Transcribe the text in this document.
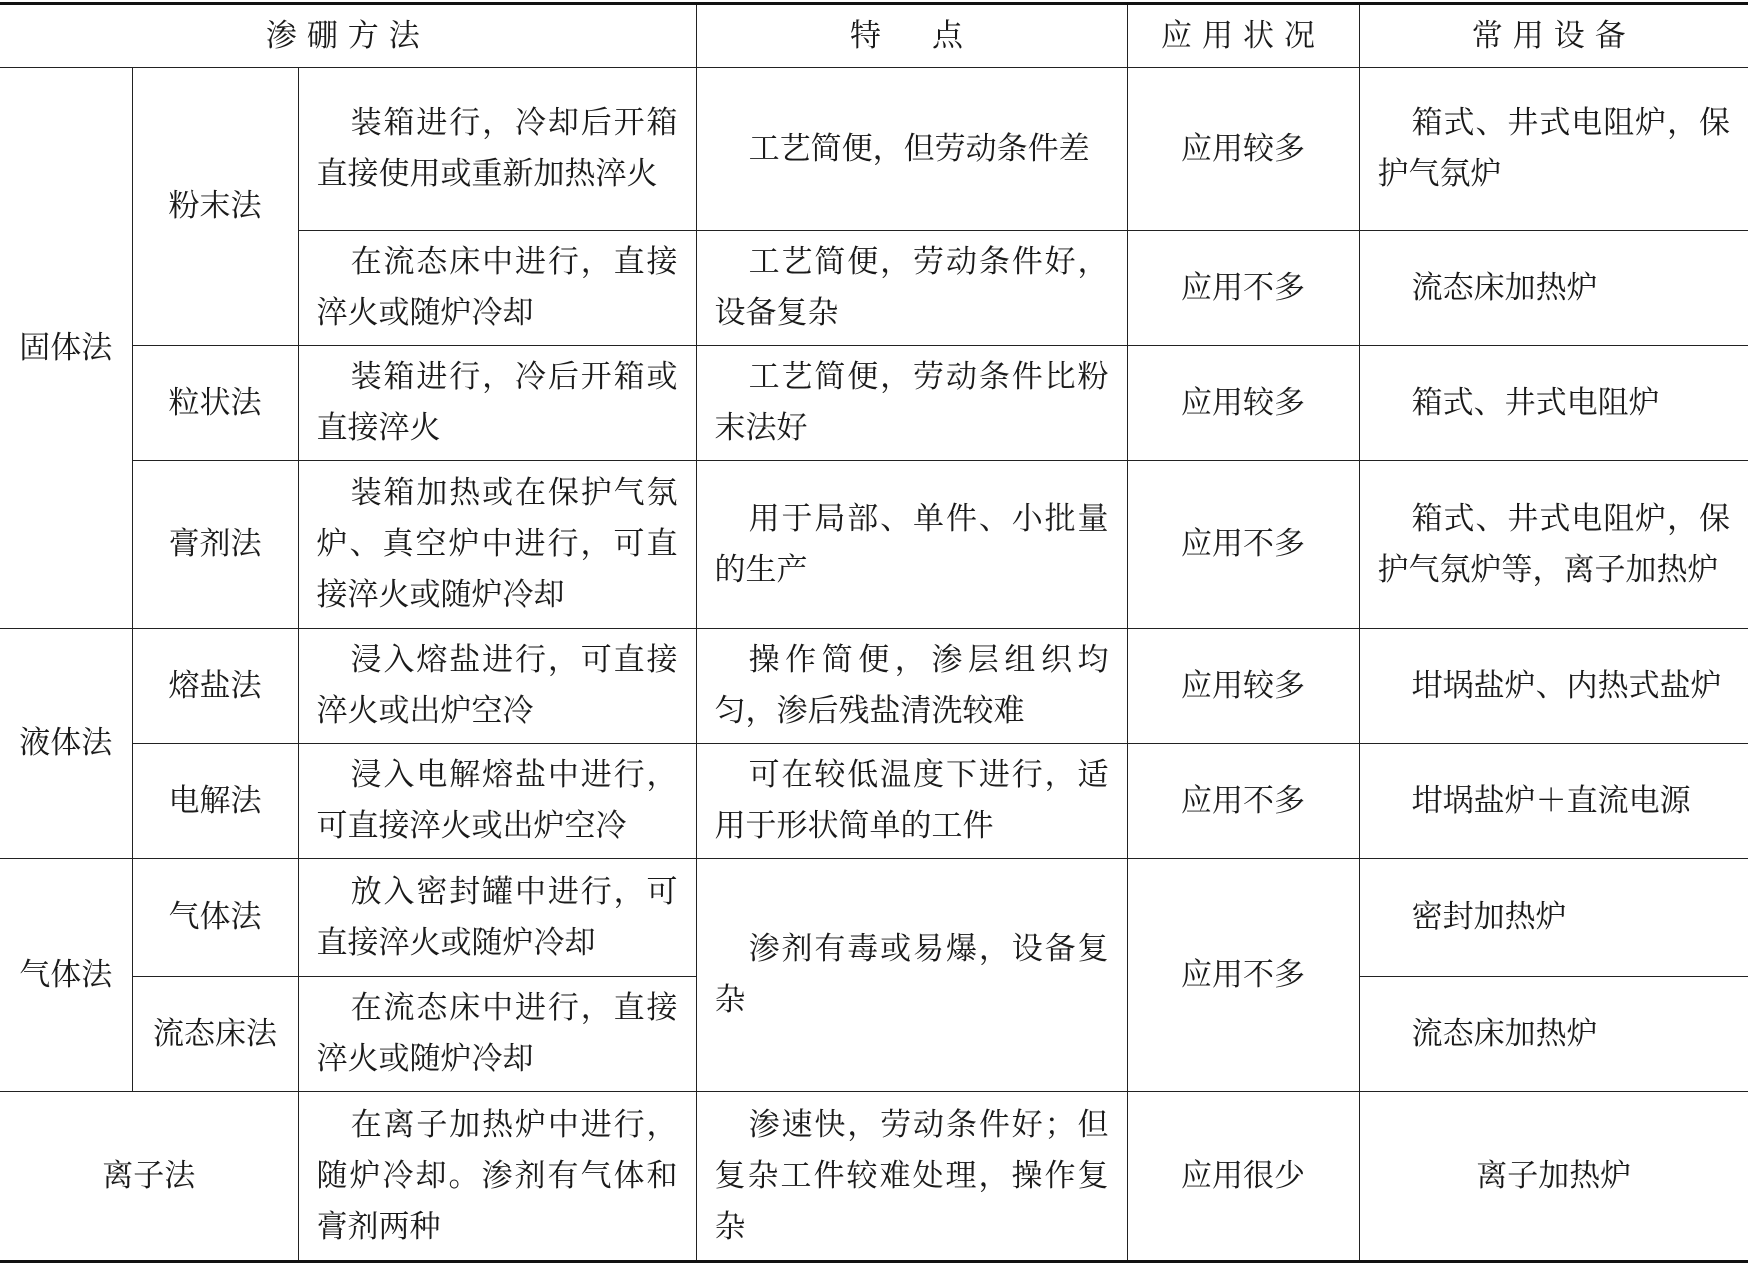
渗硼方法			特　点	应用状况	常用设备
固体法	粉末法	装箱进行，冷却后开箱直接使用或重新加热淬火	工艺简便，但劳动条件差	应用较多	箱式、井式电阻炉，保护气氛炉
		在流态床中进行，直接淬火或随炉冷却	工艺简便，劳动条件好，设备复杂	应用不多	流态床加热炉
	粒状法	装箱进行，冷后开箱或直接淬火	工艺简便，劳动条件比粉末法好	应用较多	箱式、井式电阻炉
	膏剂法	装箱加热或在保护气氛炉、真空炉中进行，可直接淬火或随炉冷却	用于局部、单件、小批量的生产	应用不多	箱式、井式电阻炉，保护气氛炉等，离子加热炉
液体法	熔盐法	浸入熔盐进行，可直接淬火或出炉空冷	操作简便，渗层组织均匀，渗后残盐清洗较难	应用较多	坩埚盐炉、内热式盐炉
	电解法	浸入电解熔盐中进行，可直接淬火或出炉空冷	可在较低温度下进行，适用于形状简单的工件	应用不多	坩埚盐炉＋直流电源
气体法	气体法	放入密封罐中进行，可直接淬火或随炉冷却	渗剂有毒或易爆，设备复杂	应用不多	密封加热炉
	流态床法	在流态床中进行，直接淬火或随炉冷却			流态床加热炉
离子法		在离子加热炉中进行，随炉冷却。渗剂有气体和膏剂两种	渗速快，劳动条件好；但复杂工件较难处理，操作复杂	应用很少	离子加热炉
